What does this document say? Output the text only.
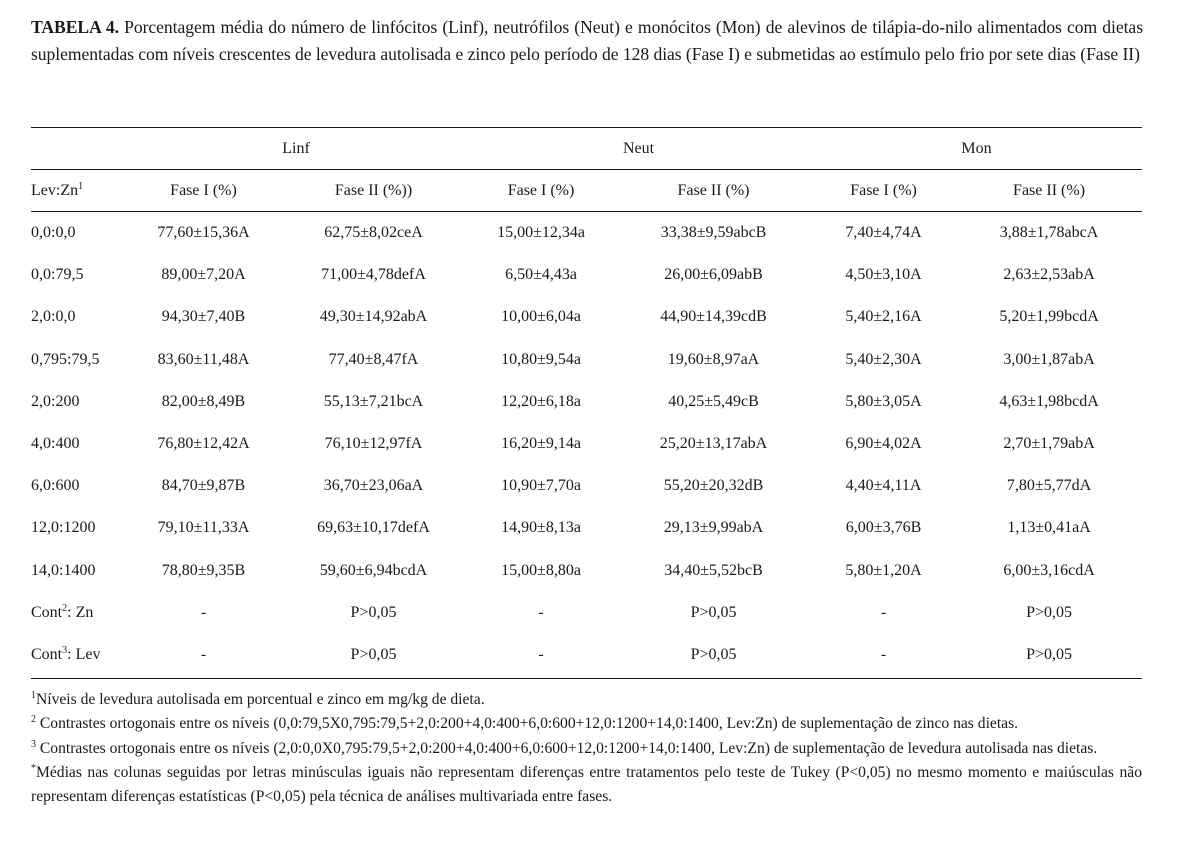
TABELA 4. Porcentagem média do número de linfócitos (Linf), neutrófilos (Neut) e monócitos (Mon) de alevinos de tilápia-do-nilo alimentados com dietas suplementadas com níveis crescentes de levedura autolisada e zinco pelo período de 128 dias (Fase I) e submetidas ao estímulo pelo frio por sete dias (Fase II)
	Linf		Neut		Mon	
Lev:Zn$^1$	Fase I (%)	Fase II (%))	Fase I (%)	Fase II (%)	Fase I (%)	Fase II (%)
0,0:0,0	77,60±15,36A	62,75±8,02ceA	15,00±12,34a	33,38±9,59abcB	7,40±4,74A	3,88±1,78abcA
0,0:79,5	89,00±7,20A	71,00±4,78defA	6,50±4,43a	26,00±6,09abB	4,50±3,10A	2,63±2,53abA
2,0:0,0	94,30±7,40B	49,30±14,92abA	10,00±6,04a	44,90±14,39cdB	5,40±2,16A	5,20±1,99bcdA
0,795:79,5	83,60±11,48A	77,40±8,47fA	10,80±9,54a	19,60±8,97aA	5,40±2,30A	3,00±1,87abA
2,0:200	82,00±8,49B	55,13±7,21bcA	12,20±6,18a	40,25±5,49cB	5,80±3,05A	4,63±1,98bcdA
4,0:400	76,80±12,42A	76,10±12,97fA	16,20±9,14a	25,20±13,17abA	6,90±4,02A	2,70±1,79abA
6,0:600	84,70±9,87B	36,70±23,06aA	10,90±7,70a	55,20±20,32dB	4,40±4,11A	7,80±5,77dA
12,0:1200	79,10±11,33A	69,63±10,17defA	14,90±8,13a	29,13±9,99abA	6,00±3,76B	1,13±0,41aA
14,0:1400	78,80±9,35B	59,60±6,94bcdA	15,00±8,80a	34,40±5,52bcB	5,80±1,20A	6,00±3,16cdA
Cont$^2$: Zn	-	P>0,05	-	P>0,05	-	P>0,05
Cont$^3$: Lev	-	P>0,05	-	P>0,05	-	P>0,05

$^1$Níveis de levedura autolisada em porcentual e zinco em mg/kg de dieta.

$^2$ Contrastes ortogonais entre os níveis (0,0:79,5X0,795:79,5+2,0:200+4,0:400+6,0:600+12,0:1200+14,0:1400, Lev:Zn) de suplementação de zinco nas dietas.

$^3$ Contrastes ortogonais entre os níveis (2,0:0,0X0,795:79,5+2,0:200+4,0:400+6,0:600+12,0:1200+14,0:1400, Lev:Zn) de suplementação de levedura autolisada nas dietas.

*Médias nas colunas seguidas por letras minúsculas iguais não representam diferenças entre tratamentos pelo teste de Tukey (P<0,05) no mesmo momento e maiúsculas não representam diferenças estatísticas (P<0,05) pela técnica de análises multivariada entre fases.
